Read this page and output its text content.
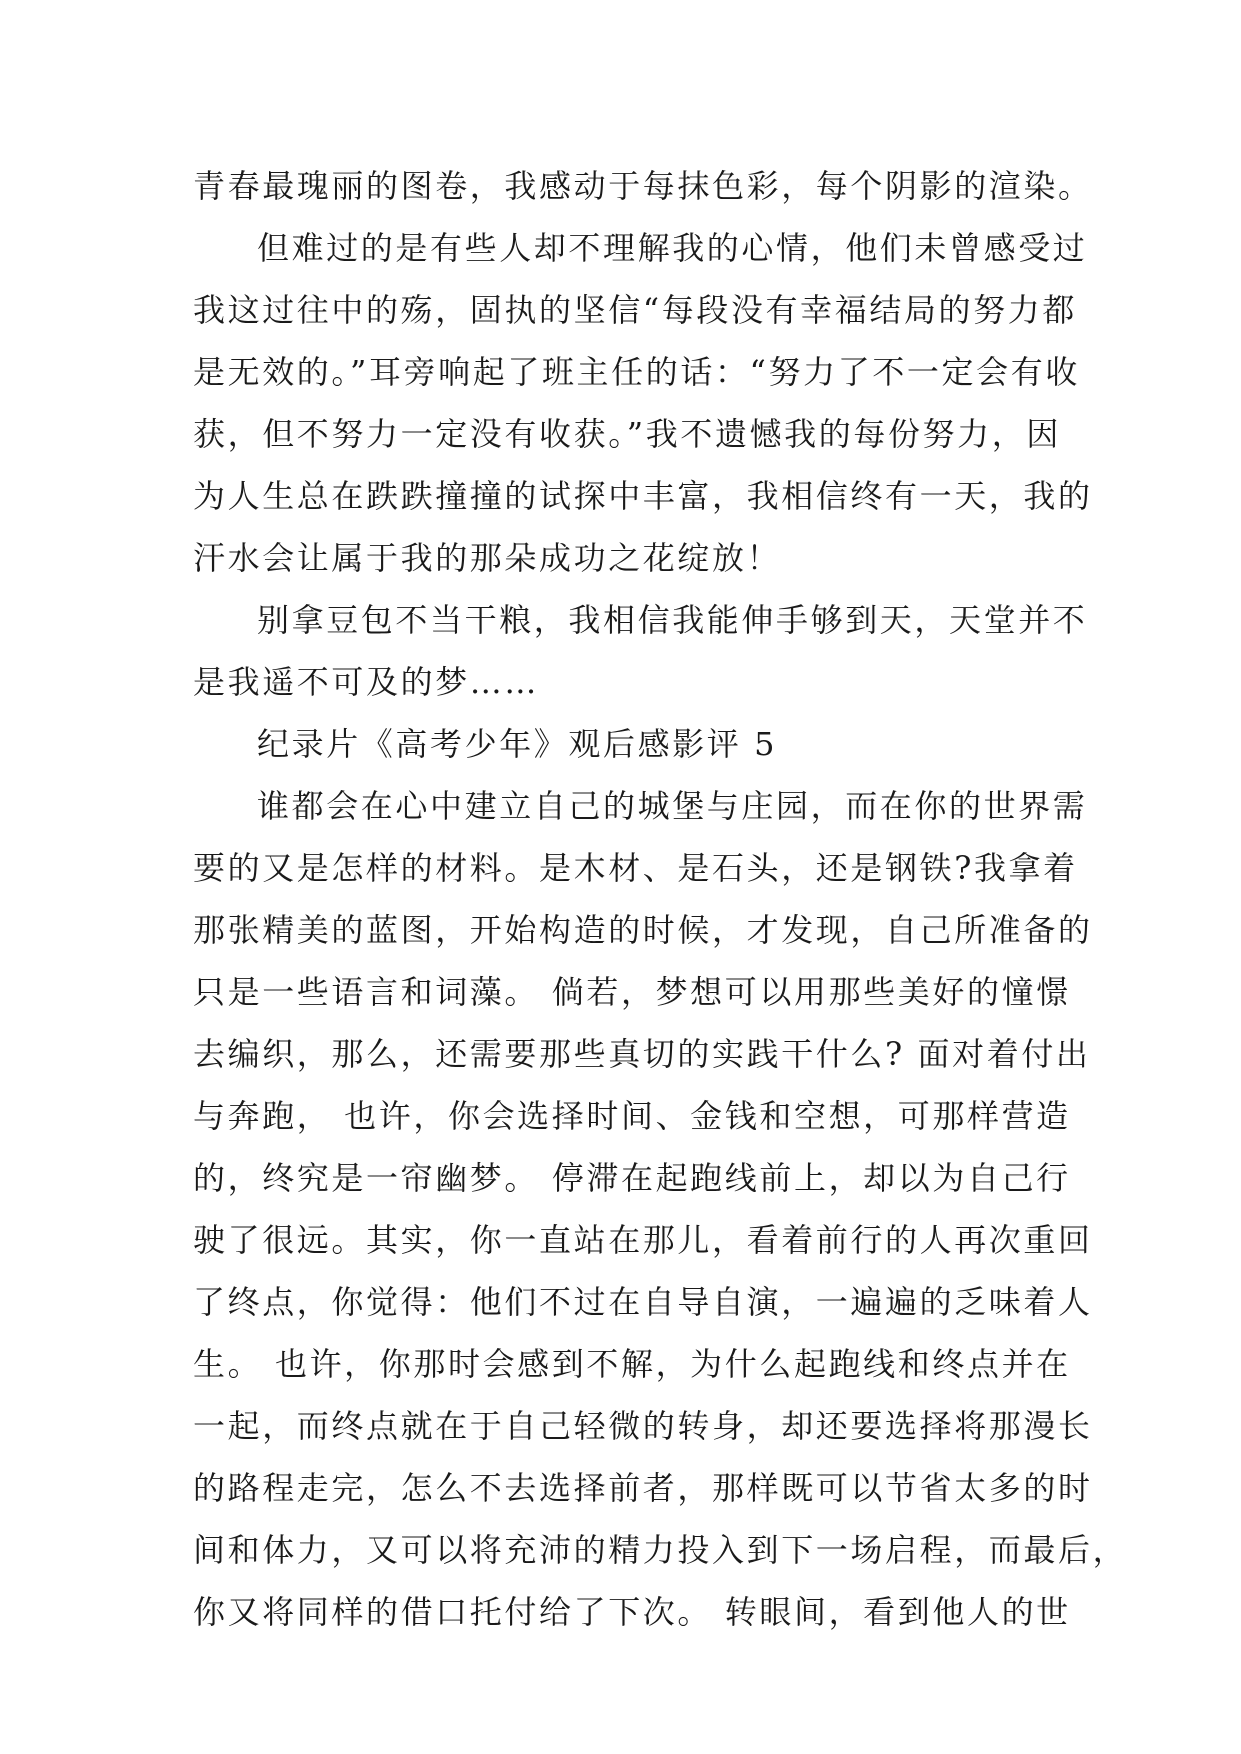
青春最瑰丽的图卷，我感动于每抹色彩，每个阴影的渲染。
但难过的是有些人却不理解我的心情，他们未曾感受过
我这过往中的殇，固执的坚信“每段没有幸福结局的努力都
是无效的。”耳旁响起了班主任的话：“努力了不一定会有收
获，但不努力一定没有收获。”我不遗憾我的每份努力，因
为人生总在跌跌撞撞的试探中丰富，我相信终有一天，我的
汗水会让属于我的那朵成功之花绽放！
别拿豆包不当干粮，我相信我能伸手够到天，天堂并不
是我遥不可及的梦……
纪录片《高考少年》观后感影评 5
谁都会在心中建立自己的城堡与庄园，而在你的世界需
要的又是怎样的材料。是木材、是石头，还是钢铁?我拿着
那张精美的蓝图，开始构造的时候，才发现，自己所准备的
只是一些语言和词藻。 倘若，梦想可以用那些美好的憧憬
去编织，那么，还需要那些真切的实践干什么? 面对着付出
与奔跑， 也许，你会选择时间、金钱和空想，可那样营造
的，终究是一帘幽梦。 停滞在起跑线前上，却以为自己行
驶了很远。其实，你一直站在那儿，看着前行的人再次重回
了终点，你觉得：他们不过在自导自演，一遍遍的乏味着人
生。 也许，你那时会感到不解，为什么起跑线和终点并在
一起，而终点就在于自己轻微的转身，却还要选择将那漫长
的路程走完，怎么不去选择前者，那样既可以节省太多的时
间和体力，又可以将充沛的精力投入到下一场启程，而最后，
你又将同样的借口托付给了下次。 转眼间，看到他人的世
